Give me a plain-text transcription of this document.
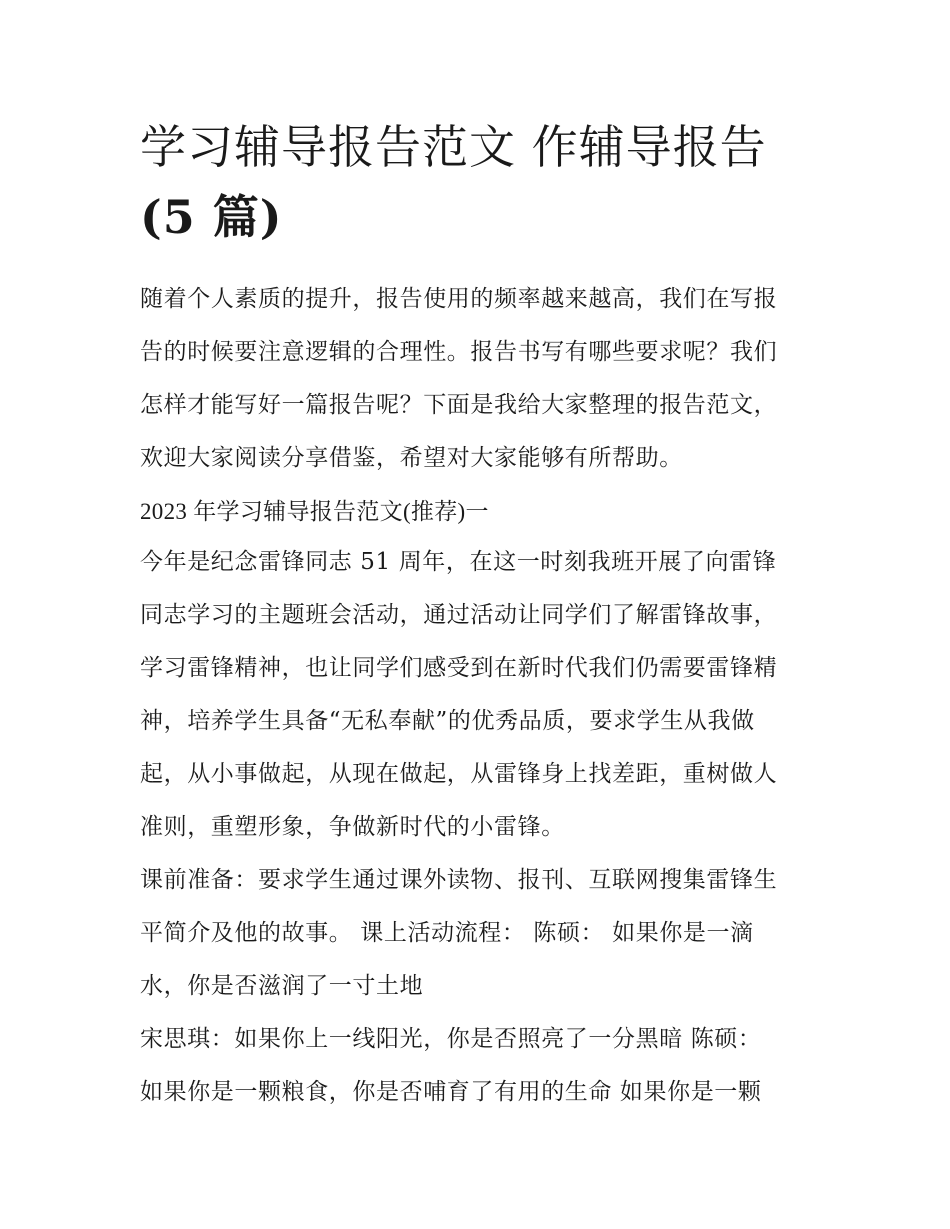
学习辅导报告范文 作辅导报告
(5 篇)
随着个人素质的提升，报告使用的频率越来越高，我们在写报
告的时候要注意逻辑的合理性。报告书写有哪些要求呢？我们
怎样才能写好一篇报告呢？下面是我给大家整理的报告范文，
欢迎大家阅读分享借鉴，希望对大家能够有所帮助。
2023 年学习辅导报告范文(推荐)一
今年是纪念雷锋同志 51 周年，在这一时刻我班开展了向雷锋
同志学习的主题班会活动，通过活动让同学们了解雷锋故事，
学习雷锋精神，也让同学们感受到在新时代我们仍需要雷锋精
神，培养学生具备“无私奉献”的优秀品质，要求学生从我做
起，从小事做起，从现在做起，从雷锋身上找差距，重树做人
准则，重塑形象，争做新时代的小雷锋。
课前准备：要求学生通过课外读物、报刊、互联网搜集雷锋生
平简介及他的故事。 课上活动流程： 陈硕： 如果你是一滴
水，你是否滋润了一寸土地
宋思琪：如果你上一线阳光，你是否照亮了一分黑暗 陈硕：
如果你是一颗粮食，你是否哺育了有用的生命 如果你是一颗
